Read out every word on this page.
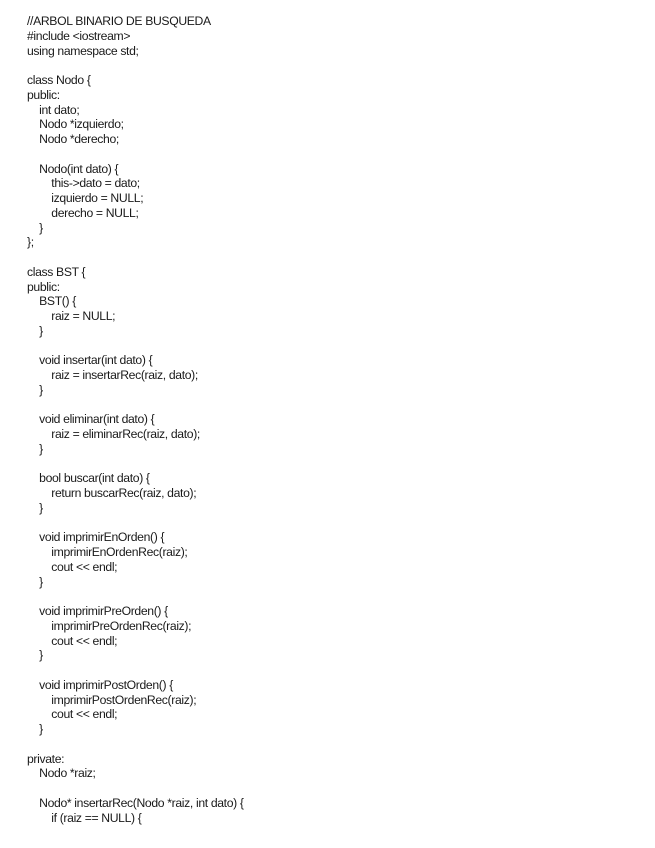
//ARBOL BINARIO DE BUSQUEDA
#include <iostream>
using namespace std;
class Nodo {
public:
int dato;
Nodo *izquierdo;
Nodo *derecho;
Nodo(int dato) {
this->dato = dato;
izquierdo = NULL;
derecho = NULL;
}
};
class BST {
public:
BST() {
raiz = NULL;
}
void insertar(int dato) {
raiz = insertarRec(raiz, dato);
}
void eliminar(int dato) {
raiz = eliminarRec(raiz, dato);
}
bool buscar(int dato) {
return buscarRec(raiz, dato);
}
void imprimirEnOrden() {
imprimirEnOrdenRec(raiz);
cout << endl;
}
void imprimirPreOrden() {
imprimirPreOrdenRec(raiz);
cout << endl;
}
void imprimirPostOrden() {
imprimirPostOrdenRec(raiz);
cout << endl;
}
private:
Nodo *raiz;
Nodo* insertarRec(Nodo *raiz, int dato) {
if (raiz == NULL) {
